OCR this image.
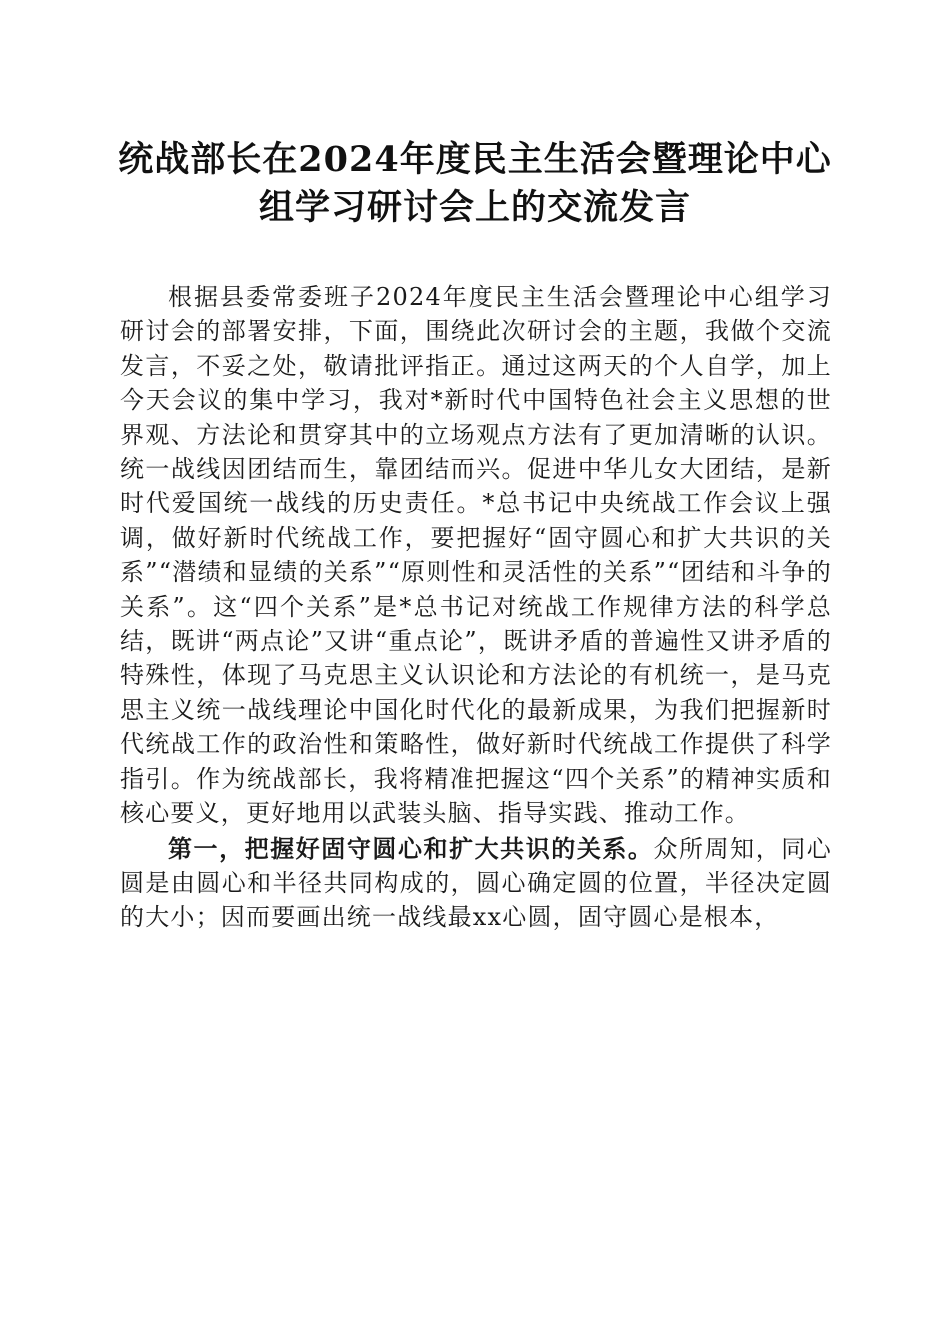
统战部长在2024年度民主生活会暨理论中心
组学习研讨会上的交流发言

根据县委常委班子2024年度民主生活会暨理论中心组学习研讨会的部署安排，下面，围绕此次研讨会的主题，我做个交流发言，不妥之处，敬请批评指正。通过这两天的个人自学，加上今天会议的集中学习，我对*新时代中国特色社会主义思想的世界观、方法论和贯穿其中的立场观点方法有了更加清晰的认识。统一战线因团结而生，靠团结而兴。促进中华儿女大团结，是新时代爱国统一战线的历史责任。*总书记中央统战工作会议上强调，做好新时代统战工作，要把握好“固守圆心和扩大共识的关系”“潜绩和显绩的关系”“原则性和灵活性的关系”“团结和斗争的关系”。这“四个关系”是*总书记对统战工作规律方法的科学总结，既讲“两点论”又讲“重点论”，既讲矛盾的普遍性又讲矛盾的特殊性，体现了马克思主义认识论和方法论的有机统一，是马克思主义统一战线理论中国化时代化的最新成果，为我们把握新时代统战工作的政治性和策略性，做好新时代统战工作提供了科学指引。作为统战部长，我将精准把握这“四个关系”的精神实质和核心要义，更好地用以武装头脑、指导实践、推动工作。

第一，把握好固守圆心和扩大共识的关系。众所周知，同心圆是由圆心和半径共同构成的，圆心确定圆的位置，半径决定圆的大小；因而要画出统一战线最xx心圆，固守圆心是根本，
